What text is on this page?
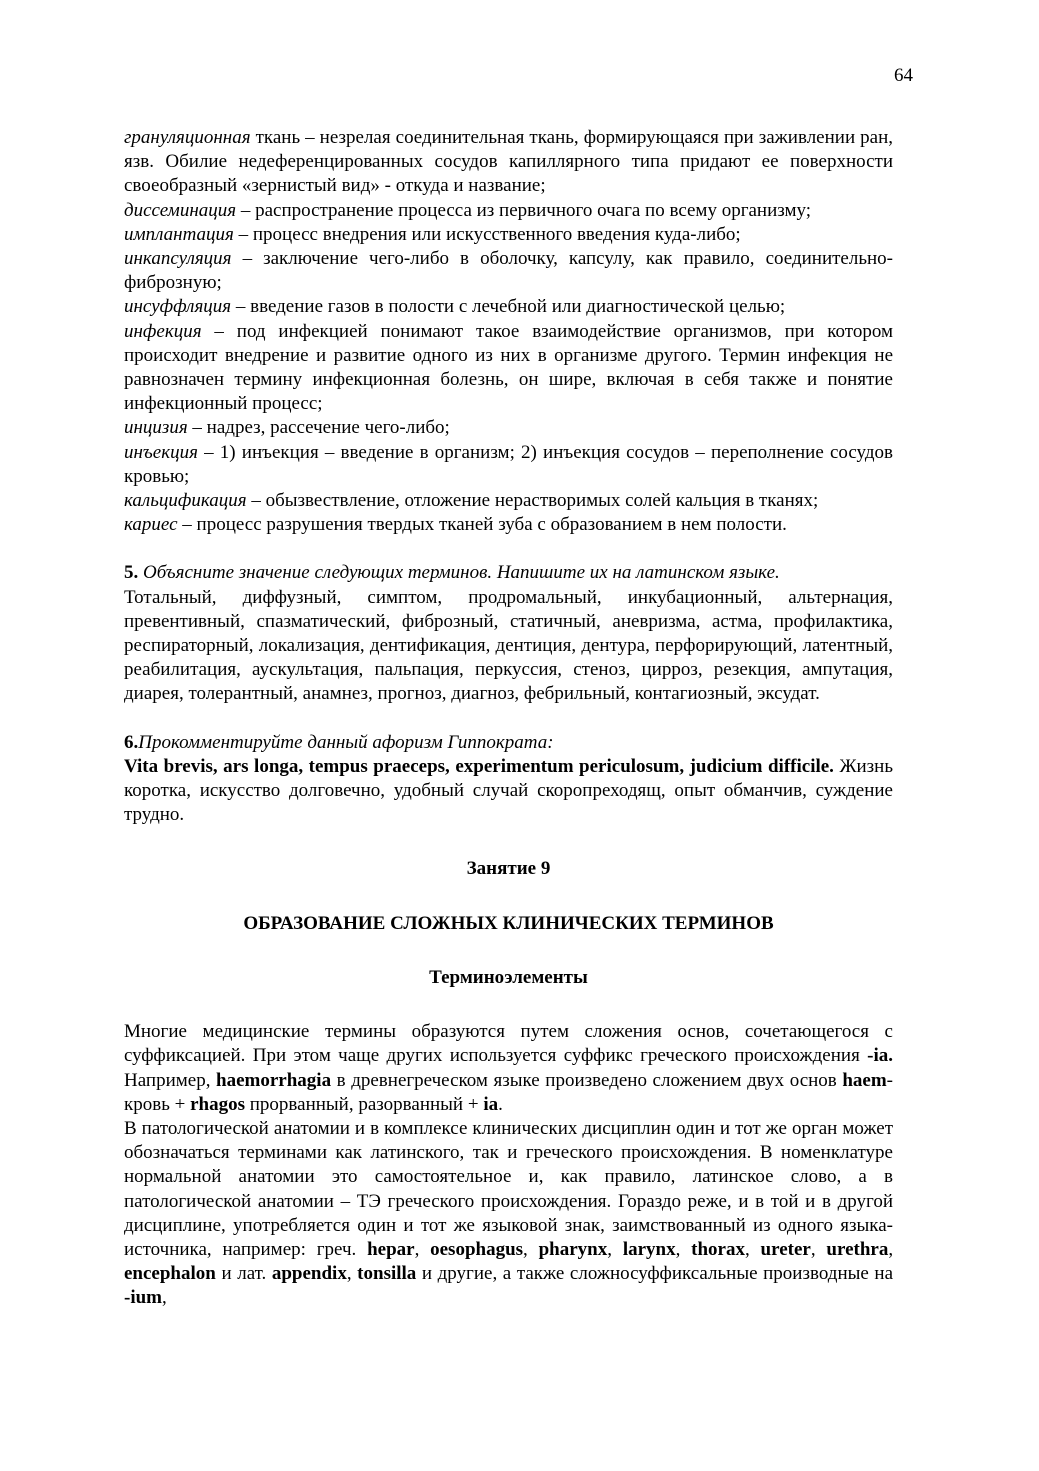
64

грануляционная ткань – незрелая соединительная ткань, формирующаяся при заживлении ран, язв. Обилие недеференцированных сосудов капиллярного типа придают ее поверхности своеобразный «зернистый вид» - откуда и название;

диссеминация – распространение процесса из первичного очага по всему организму;

имплантация – процесс внедрения или искусственного введения куда-либо;

инкапсуляция – заключение чего-либо в оболочку, капсулу, как правило, соединительно-фиброзную;

инсуффляция – введение газов в полости с лечебной или диагностической целью;

инфекция – под инфекцией понимают такое взаимодействие организмов, при котором происходит внедрение и развитие одного из них в организме другого. Термин инфекция не равнозначен термину инфекционная болезнь, он шире, включая в себя также и понятие инфекционный процесс;

инцизия – надрез, рассечение чего-либо;

инъекция – 1) инъекция – введение в организм; 2) инъекция сосудов – переполнение сосудов кровью;

кальцификация – обызвествление, отложение нерастворимых солей кальция в тканях;

кариес – процесс разрушения твердых тканей зуба с образованием в нем полости.

5. Объясните значение следующих терминов. Напишите их на латинском языке.

Тотальный, диффузный, симптом, продромальный, инкубационный, альтернация, превентивный, спазматический, фиброзный, статичный, аневризма, астма, профилактика, респираторный, локализация, дентификация, дентиция, дентура, перфорирующий, латентный, реабилитация, аускультация, пальпация, перкуссия, стеноз, цирроз, резекция, ампутация, диарея, толерантный, анамнез, прогноз, диагноз, фебрильный, контагиозный, эксудат.

6.Прокомментируйте данный афоризм Гиппократа:

Vita brevis, ars longa, tempus praeceps, experimentum periculosum, judicium difficile. Жизнь коротка, искусство долговечно, удобный случай скоропреходящ, опыт обманчив, суждение трудно.

Занятие 9

ОБРАЗОВАНИЕ СЛОЖНЫХ КЛИНИЧЕСКИХ ТЕРМИНОВ

Терминоэлементы

Многие медицинские термины образуются путем сложения основ, сочетающегося с суффиксацией. При этом чаще других используется суффикс греческого происхождения -ia. Например, haemorrhagia в древнегреческом языке произведено сложением двух основ haem- кровь + rhagos прорванный, разорванный + ia.

В патологической анатомии и в комплексе клинических дисциплин один и тот же орган может обозначаться терминами как латинского, так и греческого происхождения. В номенклатуре нормальной анатомии это самостоятельное и, как правило, латинское слово, а в патологической анатомии – ТЭ греческого происхождения. Гораздо реже, и в той и в другой дисциплине, употребляется один и тот же языковой знак, заимствованный из одного языка-источника, например: греч. hepar, oesophagus, pharynx, larynx, thorax, ureter, urethra, encephalon и лат. appendix, tonsilla и другие, а также сложносуффиксальные производные на -ium,
